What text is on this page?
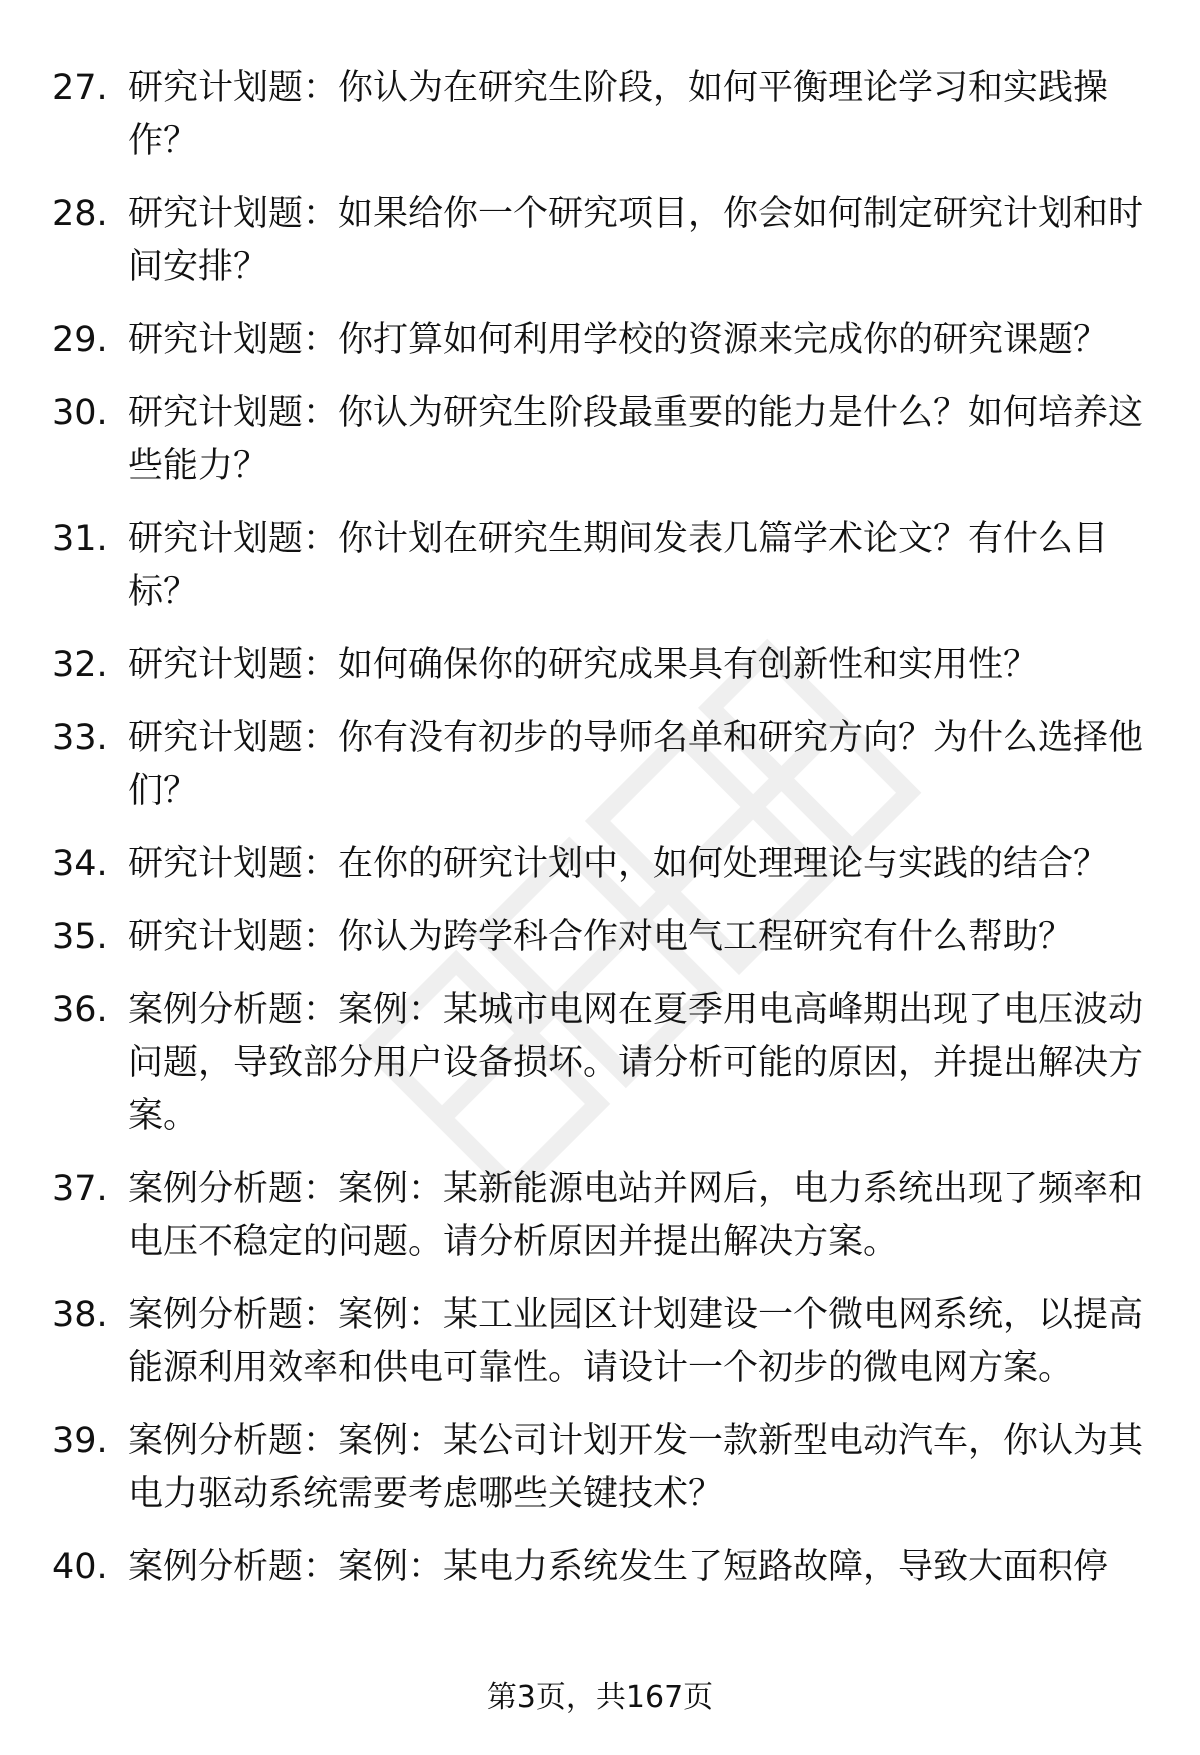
27. 研究计划题：你认为在研究生阶段，如何平衡理论学习和实践操作？
28. 研究计划题：如果给你一个研究项目，你会如何制定研究计划和时间安排？
29. 研究计划题：你打算如何利用学校的资源来完成你的研究课题？
30. 研究计划题：你认为研究生阶段最重要的能力是什么？如何培养这些能力？
31. 研究计划题：你计划在研究生期间发表几篇学术论文？有什么目标？
32. 研究计划题：如何确保你的研究成果具有创新性和实用性？
33. 研究计划题：你有没有初步的导师名单和研究方向？为什么选择他们？
34. 研究计划题：在你的研究计划中，如何处理理论与实践的结合？
35. 研究计划题：你认为跨学科合作对电气工程研究有什么帮助？
36. 案例分析题：案例：某城市电网在夏季用电高峰期出现了电压波动问题，导致部分用户设备损坏。请分析可能的原因，并提出解决方案。
37. 案例分析题：案例：某新能源电站并网后，电力系统出现了频率和电压不稳定的问题。请分析原因并提出解决方案。
38. 案例分析题：案例：某工业园区计划建设一个微电网系统，以提高能源利用效率和供电可靠性。请设计一个初步的微电网方案。
39. 案例分析题：案例：某公司计划开发一款新型电动汽车，你认为其电力驱动系统需要考虑哪些关键技术？
40. 案例分析题：案例：某电力系统发生了短路故障，导致大面积停
第3页，共167页
